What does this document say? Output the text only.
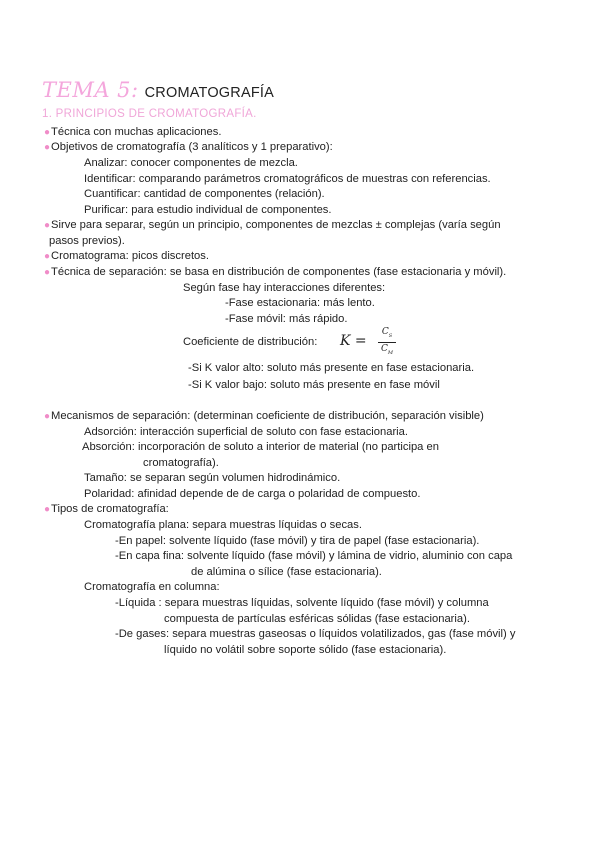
TEMA 5: CROMATOGRAFÍA
1. PRINCIPIOS DE CROMATOGRAFÍA.
●Técnica con muchas aplicaciones.
●Objetivos de cromatografía (3 analíticos y 1 preparativo):
Analizar: conocer componentes de mezcla.
Identificar: comparando parámetros cromatográficos de muestras con referencias.
Cuantificar: cantidad de componentes (relación).
Purificar: para estudio individual de componentes.
●Sirve para separar, según un principio, componentes de mezclas ± complejas (varía según
pasos previos).
●Cromatograma: picos discretos.
●Técnica de separación: se basa en distribución de componentes (fase estacionaria y móvil).
Según fase hay interacciones diferentes:
-Fase estacionaria: más lento.
-Fase móvil: más rápido.
-Si K valor alto: soluto más presente en fase estacionaria.
-Si K valor bajo: soluto más presente en fase móvil
●Mecanismos de separación: (determinan coeficiente de distribución, separación visible)
Adsorción: interacción superficial de soluto con fase estacionaria.
Absorción: incorporación de soluto a interior de material (no participa en
cromatografía).
Tamaño: se separan según volumen hidrodinámico.
Polaridad: afinidad depende de de carga o polaridad de compuesto.
●Tipos de cromatografía:
Cromatografía plana: separa muestras líquidas o secas.
-En papel: solvente líquido (fase móvil) y tira de papel (fase estacionaria).
-En capa fina: solvente líquido (fase móvil) y lámina de vidrio, aluminio con capa
de alúmina o sílice (fase estacionaria).
Cromatografía en columna:
-Líquida : separa muestras líquidas, solvente líquido (fase móvil) y columna
compuesta de partículas esféricas sólidas (fase estacionaria).
-De gases: separa muestras gaseosas o líquidos volatilizados, gas (fase móvil) y
líquido no volátil sobre soporte sólido (fase estacionaria).
Coeficiente de distribución: K =
$C_S$
$C_M$
